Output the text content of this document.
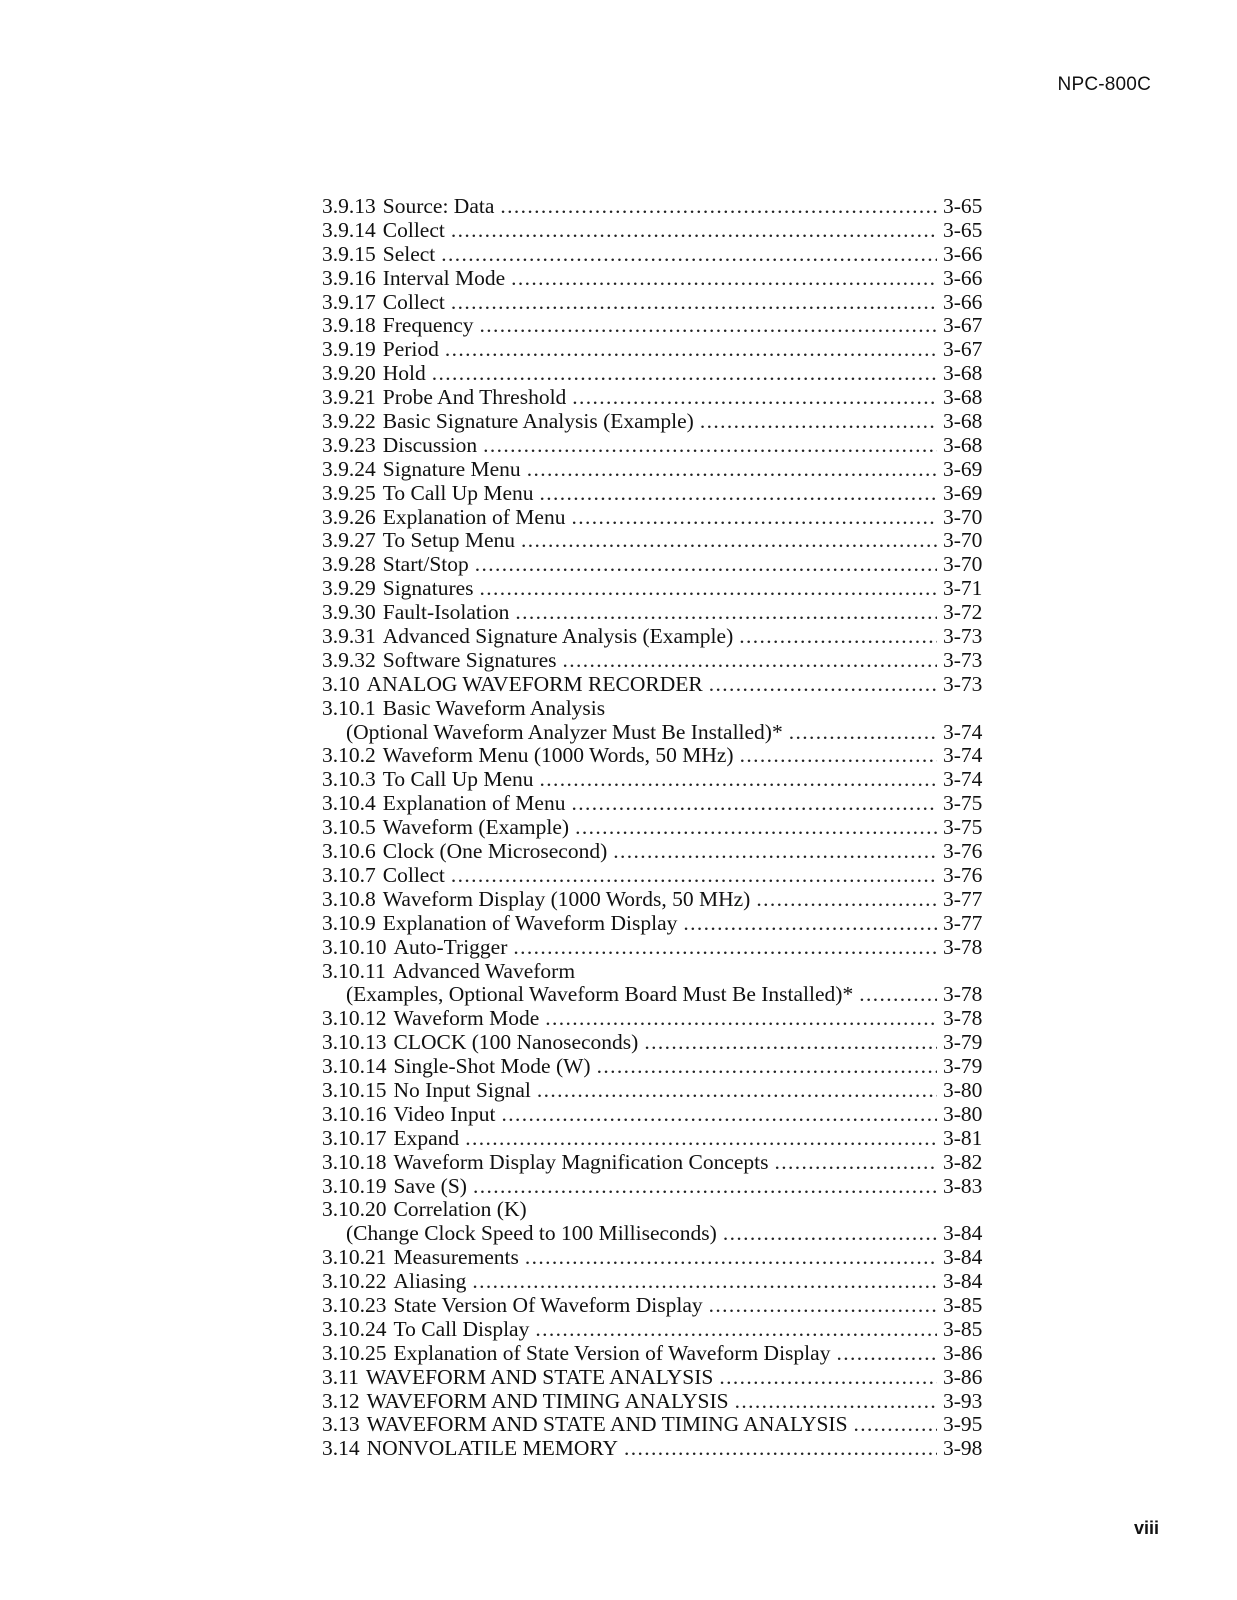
NPC-800C
3.9.13 Source: Data . . .	3-65
3.9.14 Collect . . .	3-65
3.9.15 Select . . .	3-66
3.9.16 Interval Mode . . .	3-66
3.9.17 Collect . . .	3-66
3.9.18 Frequency . . .	3-67
3.9.19 Period . . .	3-67
3.9.20 Hold . . .	3-68
3.9.21 Probe And Threshold . . .	3-68
3.9.22 Basic Signature Analysis (Example) . . .	3-68
3.9.23 Discussion . . .	3-68
3.9.24 Signature Menu . . .	3-69
3.9.25 To Call Up Menu . . .	3-69
3.9.26 Explanation of Menu . . .	3-70
3.9.27 To Setup Menu . . .	3-70
3.9.28 Start/Stop . . .	3-70
3.9.29 Signatures . . .	3-71
3.9.30 Fault-Isolation . . .	3-72
3.9.31 Advanced Signature Analysis (Example) . . .	3-73
3.9.32 Software Signatures . . .	3-73
3.10 ANALOG WAVEFORM RECORDER . . .	3-73
3.10.1 Basic Waveform Analysis
(Optional Waveform Analyzer Must Be Installed)* . . .	3-74
3.10.2 Waveform Menu (1000 Words, 50 MHz) . . .	3-74
3.10.3 To Call Up Menu . . .	3-74
3.10.4 Explanation of Menu . . .	3-75
3.10.5 Waveform (Example) . . .	3-75
3.10.6 Clock (One Microsecond) . . .	3-76
3.10.7 Collect . . .	3-76
3.10.8 Waveform Display (1000 Words, 50 MHz) . . .	3-77
3.10.9 Explanation of Waveform Display . . .	3-77
3.10.10 Auto-Trigger . . .	3-78
3.10.11 Advanced Waveform
(Examples, Optional Waveform Board Must Be Installed)* . . .	3-78
3.10.12 Waveform Mode . . .	3-78
3.10.13 CLOCK (100 Nanoseconds) . . .	3-79
3.10.14 Single-Shot Mode (W) . . .	3-79
3.10.15 No Input Signal . . .	3-80
3.10.16 Video Input . . .	3-80
3.10.17 Expand . . .	3-81
3.10.18 Waveform Display Magnification Concepts . . .	3-82
3.10.19 Save (S) . . .	3-83
3.10.20 Correlation (K)
(Change Clock Speed to 100 Milliseconds) . . .	3-84
3.10.21 Measurements . . .	3-84
3.10.22 Aliasing . . .	3-84
3.10.23 State Version Of Waveform Display . . .	3-85
3.10.24 To Call Display . . .	3-85
3.10.25 Explanation of State Version of Waveform Display . . .	3-86
3.11 WAVEFORM AND STATE ANALYSIS . . .	3-86
3.12 WAVEFORM AND TIMING ANALYSIS . . .	3-93
3.13 WAVEFORM AND STATE AND TIMING ANALYSIS . . .	3-95
3.14 NONVOLATILE MEMORY . . .	3-98
viii
